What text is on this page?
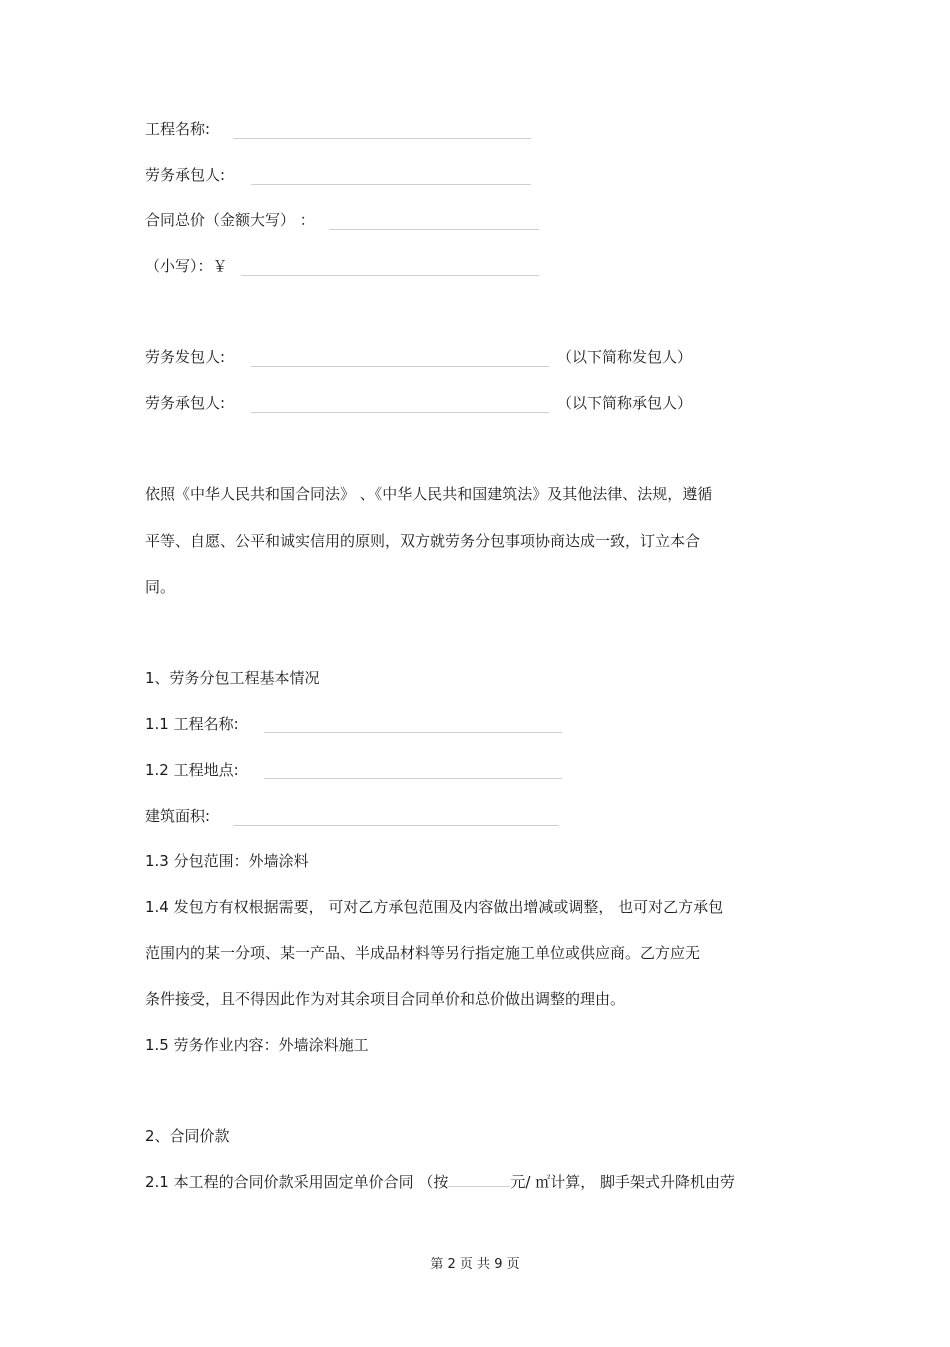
工程名称:
劳务承包人:
合同总价（金额大写） ：
（小写）：￥
劳务发包人:	（以下简称发包人）
劳务承包人:	（以下简称承包人）
依照《中华人民共和国合同法》 、《中华人民共和国建筑法》及其他法律、法规，遵循
平等、自愿、公平和诚实信用的原则，双方就劳务分包事项协商达成一致，订立本合
同。
1、劳务分包工程基本情况
1.1 工程名称:
1.2 工程地点:
建筑面积:
1.3 分包范围：外墙涂料
1.4 发包方有权根据需要， 可对乙方承包范围及内容做出增减或调整， 也可对乙方承包
范围内的某一分项、某一产品、半成品材料等另行指定施工单位或供应商。乙方应无
条件接受，且不得因此作为对其余项目合同单价和总价做出调整的理由。
1.5 劳务作业内容：外墙涂料施工
2、合同价款
2.1 本工程的合同价款采用固定单价合同 （按	元/ ㎡计算， 脚手架式升降机由劳
第 2 页 共 9 页
